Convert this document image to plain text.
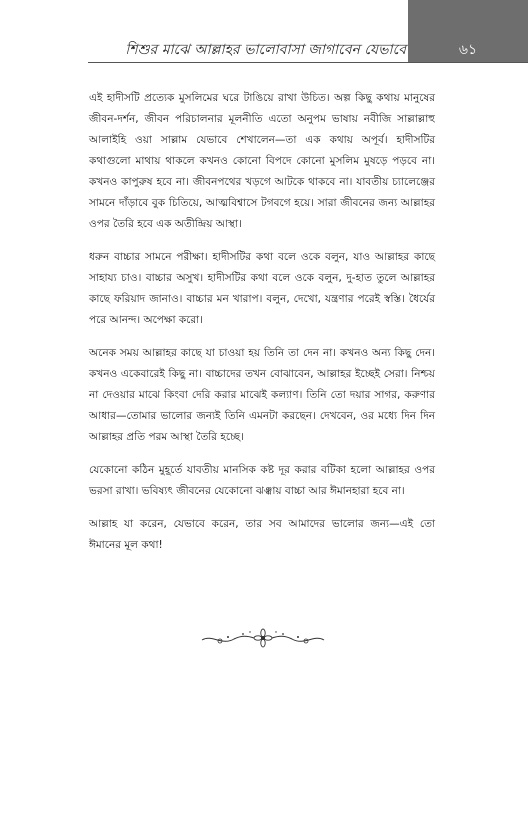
শিশুর মাঝে আল্লাহর ভালোবাসা জাগাবেন যেভাবে	৬১

এই হাদীসটি প্রত্যেক মুসলিমের ঘরে টাঙিয়ে রাখা উচিত। অল্প কিছু কথায় মানুষের জীবন-দর্শন, জীবন পরিচালনার মূলনীতি এতো অনুপম ভাষায় নবীজি সাল্লাল্লাহু আলাইহি ওয়া সাল্লাম যেভাবে শেখালেন—তা এক কথায় অপূর্ব। হাদীসটির কথাগুলো মাথায় থাকলে কখনও কোনো বিপদে কোনো মুসলিম মুষড়ে পড়বে না। কখনও কাপুরুষ হবে না। জীবনপথের খড়গে আটকে থাকবে না। যাবতীয় চ্যালেঞ্জের সামনে দাঁড়াবে বুক চিতিয়ে, আত্মবিশ্বাসে টগবগে হয়ে। সারা জীবনের জন্য আল্লাহর ওপর তৈরি হবে এক অতীন্দ্রিয় আস্থা।

ধরুন বাচ্চার সামনে পরীক্ষা। হাদীসটির কথা বলে ওকে বলুন, যাও আল্লাহর কাছে সাহায্য চাও। বাচ্চার অসুখ। হাদীসটির কথা বলে ওকে বলুন, দু-হাত তুলে আল্লাহর কাছে ফরিয়াদ জানাও। বাচ্চার মন খারাপ। বলুন, দেখো, যন্ত্রণার পরেই স্বস্তি। ধৈর্যের পরে আনন্দ। অপেক্ষা করো।

অনেক সময় আল্লাহর কাছে যা চাওয়া হয় তিনি তা দেন না। কখনও অন্য কিছু দেন। কখনও একেবারেই কিছু না। বাচ্চাদের তখন বোঝাবেন, আল্লাহর ইচ্ছেই সেরা। নিশ্চয় না দেওয়ার মাঝে কিংবা দেরি করার মাঝেই কল্যাণ। তিনি তো দয়ার সাগর, করুণার আধার—তোমার ভালোর জন্যই তিনি এমনটা করছেন। দেখবেন, ওর মধ্যে দিন দিন আল্লাহর প্রতি পরম আস্থা তৈরি হচ্ছে।

যেকোনো কঠিন মুহূর্তে যাবতীয় মানসিক কষ্ট দূর করার বটিকা হলো আল্লাহর ওপর ভরসা রাখা। ভবিষ্যৎ জীবনের যেকোনো ঝঞ্ঝায় বাচ্চা আর ঈমানহারা হবে না।

আল্লাহ যা করেন, যেভাবে করেন, তার সব আমাদের ভালোর জন্য—এই তো ঈমানের মূল কথা!
